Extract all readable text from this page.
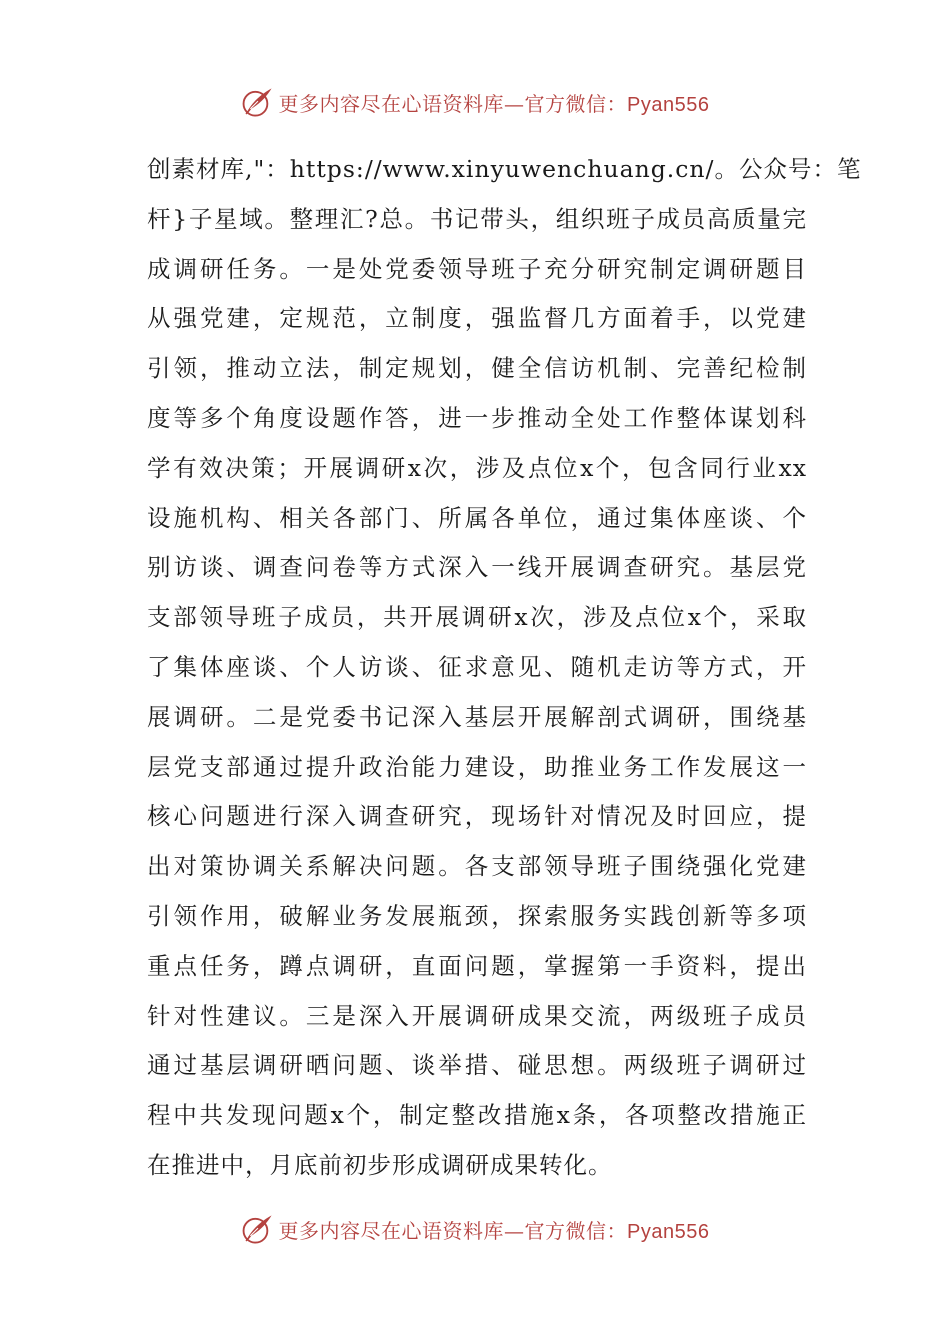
更多内容尽在心语资料库—官方微信：Pyan556
创素材库,"：https://www.xinyuwenchuang.cn/。公众号：笔
杆}子星域。整理汇?总。书记带头，组织班子成员高质量完
成调研任务。一是处党委领导班子充分研究制定调研题目
从强党建，定规范，立制度，强监督几方面着手，以党建
引领，推动立法，制定规划，健全信访机制、完善纪检制
度等多个角度设题作答，进一步推动全处工作整体谋划科
学有效决策；开展调研x次，涉及点位x个，包含同行业xx
设施机构、相关各部门、所属各单位，通过集体座谈、个
别访谈、调查问卷等方式深入一线开展调查研究。基层党
支部领导班子成员，共开展调研x次，涉及点位x个，采取
了集体座谈、个人访谈、征求意见、随机走访等方式，开
展调研。二是党委书记深入基层开展解剖式调研，围绕基
层党支部通过提升政治能力建设，助推业务工作发展这一
核心问题进行深入调查研究，现场针对情况及时回应，提
出对策协调关系解决问题。各支部领导班子围绕强化党建
引领作用，破解业务发展瓶颈，探索服务实践创新等多项
重点任务，蹲点调研，直面问题，掌握第一手资料，提出
针对性建议。三是深入开展调研成果交流，两级班子成员
通过基层调研晒问题、谈举措、碰思想。两级班子调研过
程中共发现问题x个，制定整改措施x条，各项整改措施正
在推进中，月底前初步形成调研成果转化。
更多内容尽在心语资料库—官方微信：Pyan556
